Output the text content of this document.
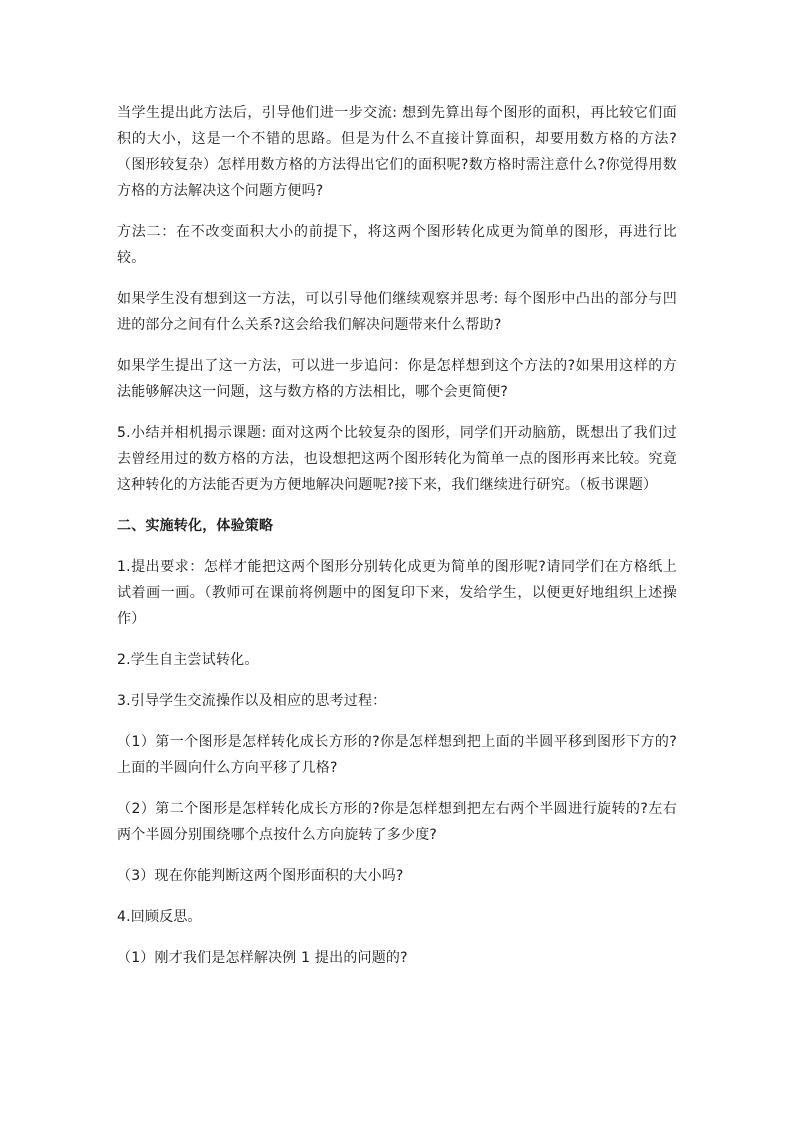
当学生提出此方法后，引导他们进一步交流: 想到先算出每个图形的面积，再比较它们面积的大小，这是一个不错的思路。但是为什么不直接计算面积，却要用数方格的方法?（图形较复杂）怎样用数方格的方法得出它们的面积呢?数方格时需注意什么?你觉得用数方格的方法解决这个问题方便吗?

方法二：在不改变面积大小的前提下，将这两个图形转化成更为简单的图形，再进行比较。

如果学生没有想到这一方法，可以引导他们继续观察并思考: 每个图形中凸出的部分与凹进的部分之间有什么关系?这会给我们解决问题带来什么帮助?

如果学生提出了这一方法，可以进一步追问：你是怎样想到这个方法的?如果用这样的方法能够解决这一问题，这与数方格的方法相比，哪个会更简便?

5.小结并相机揭示课题: 面对这两个比较复杂的图形，同学们开动脑筋，既想出了我们过去曾经用过的数方格的方法，也设想把这两个图形转化为简单一点的图形再来比较。究竟这种转化的方法能否更为方便地解决问题呢?接下来，我们继续进行研究。（板书课题）

二、实施转化，体验策略

1.提出要求：怎样才能把这两个图形分别转化成更为简单的图形呢?请同学们在方格纸上试着画一画。（教师可在课前将例题中的图复印下来，发给学生，以便更好地组织上述操作）

2.学生自主尝试转化。

3.引导学生交流操作以及相应的思考过程：

（1）第一个图形是怎样转化成长方形的?你是怎样想到把上面的半圆平移到图形下方的?上面的半圆向什么方向平移了几格?

（2）第二个图形是怎样转化成长方形的?你是怎样想到把左右两个半圆进行旋转的?左右两个半圆分别围绕哪个点按什么方向旋转了多少度?

（3）现在你能判断这两个图形面积的大小吗?

4.回顾反思。

（1）刚才我们是怎样解决例 1 提出的问题的?
